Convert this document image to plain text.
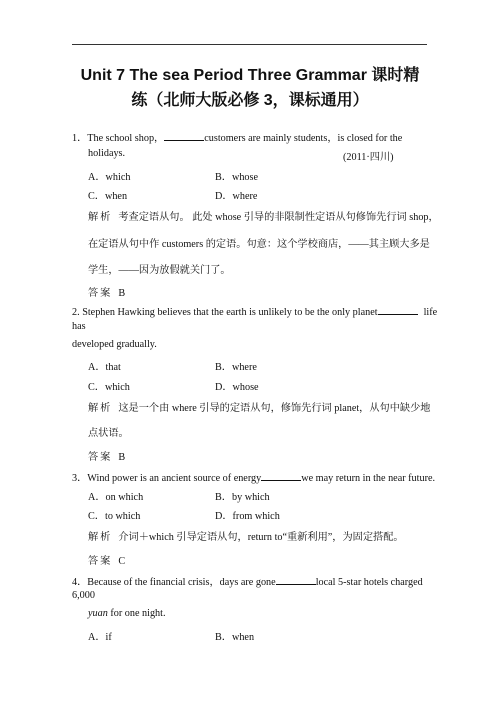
Unit 7 The sea Period Three Grammar 课时精
练（北师大版必修 3，课标通用）
1．The school shop，	customers are mainly students，is closed for the
holidays.	(2011·四川)
A．which	B．whose
C．when	D．where
解析 考查定语从句。 此处 whose 引导的非限制性定语从句修饰先行词 shop，
在定语从句中作 customers 的定语。句意：这个学校商店，——其主顾大多是
学生，——因为放假就关门了。
答案 B
2. Stephen Hawking believes that the earth is unlikely to be the only planet	life
has
developed gradually.
A．that	B．where
C．which	D．whose
解析 这是一个由 where 引导的定语从句，修饰先行词 planet，从句中缺少地
点状语。
答案 B
3．Wind power is an ancient source of energy	we may return in the near future.
A．on which	B．by which
C．to which	D．from which
解析 介词＋which 引导定语从句，return to“重新利用”，为固定搭配。
答案 C
4．Because of the financial crisis，days are gone	local 5-star hotels charged
6,000
yuan for one night.
A．if	B．when
